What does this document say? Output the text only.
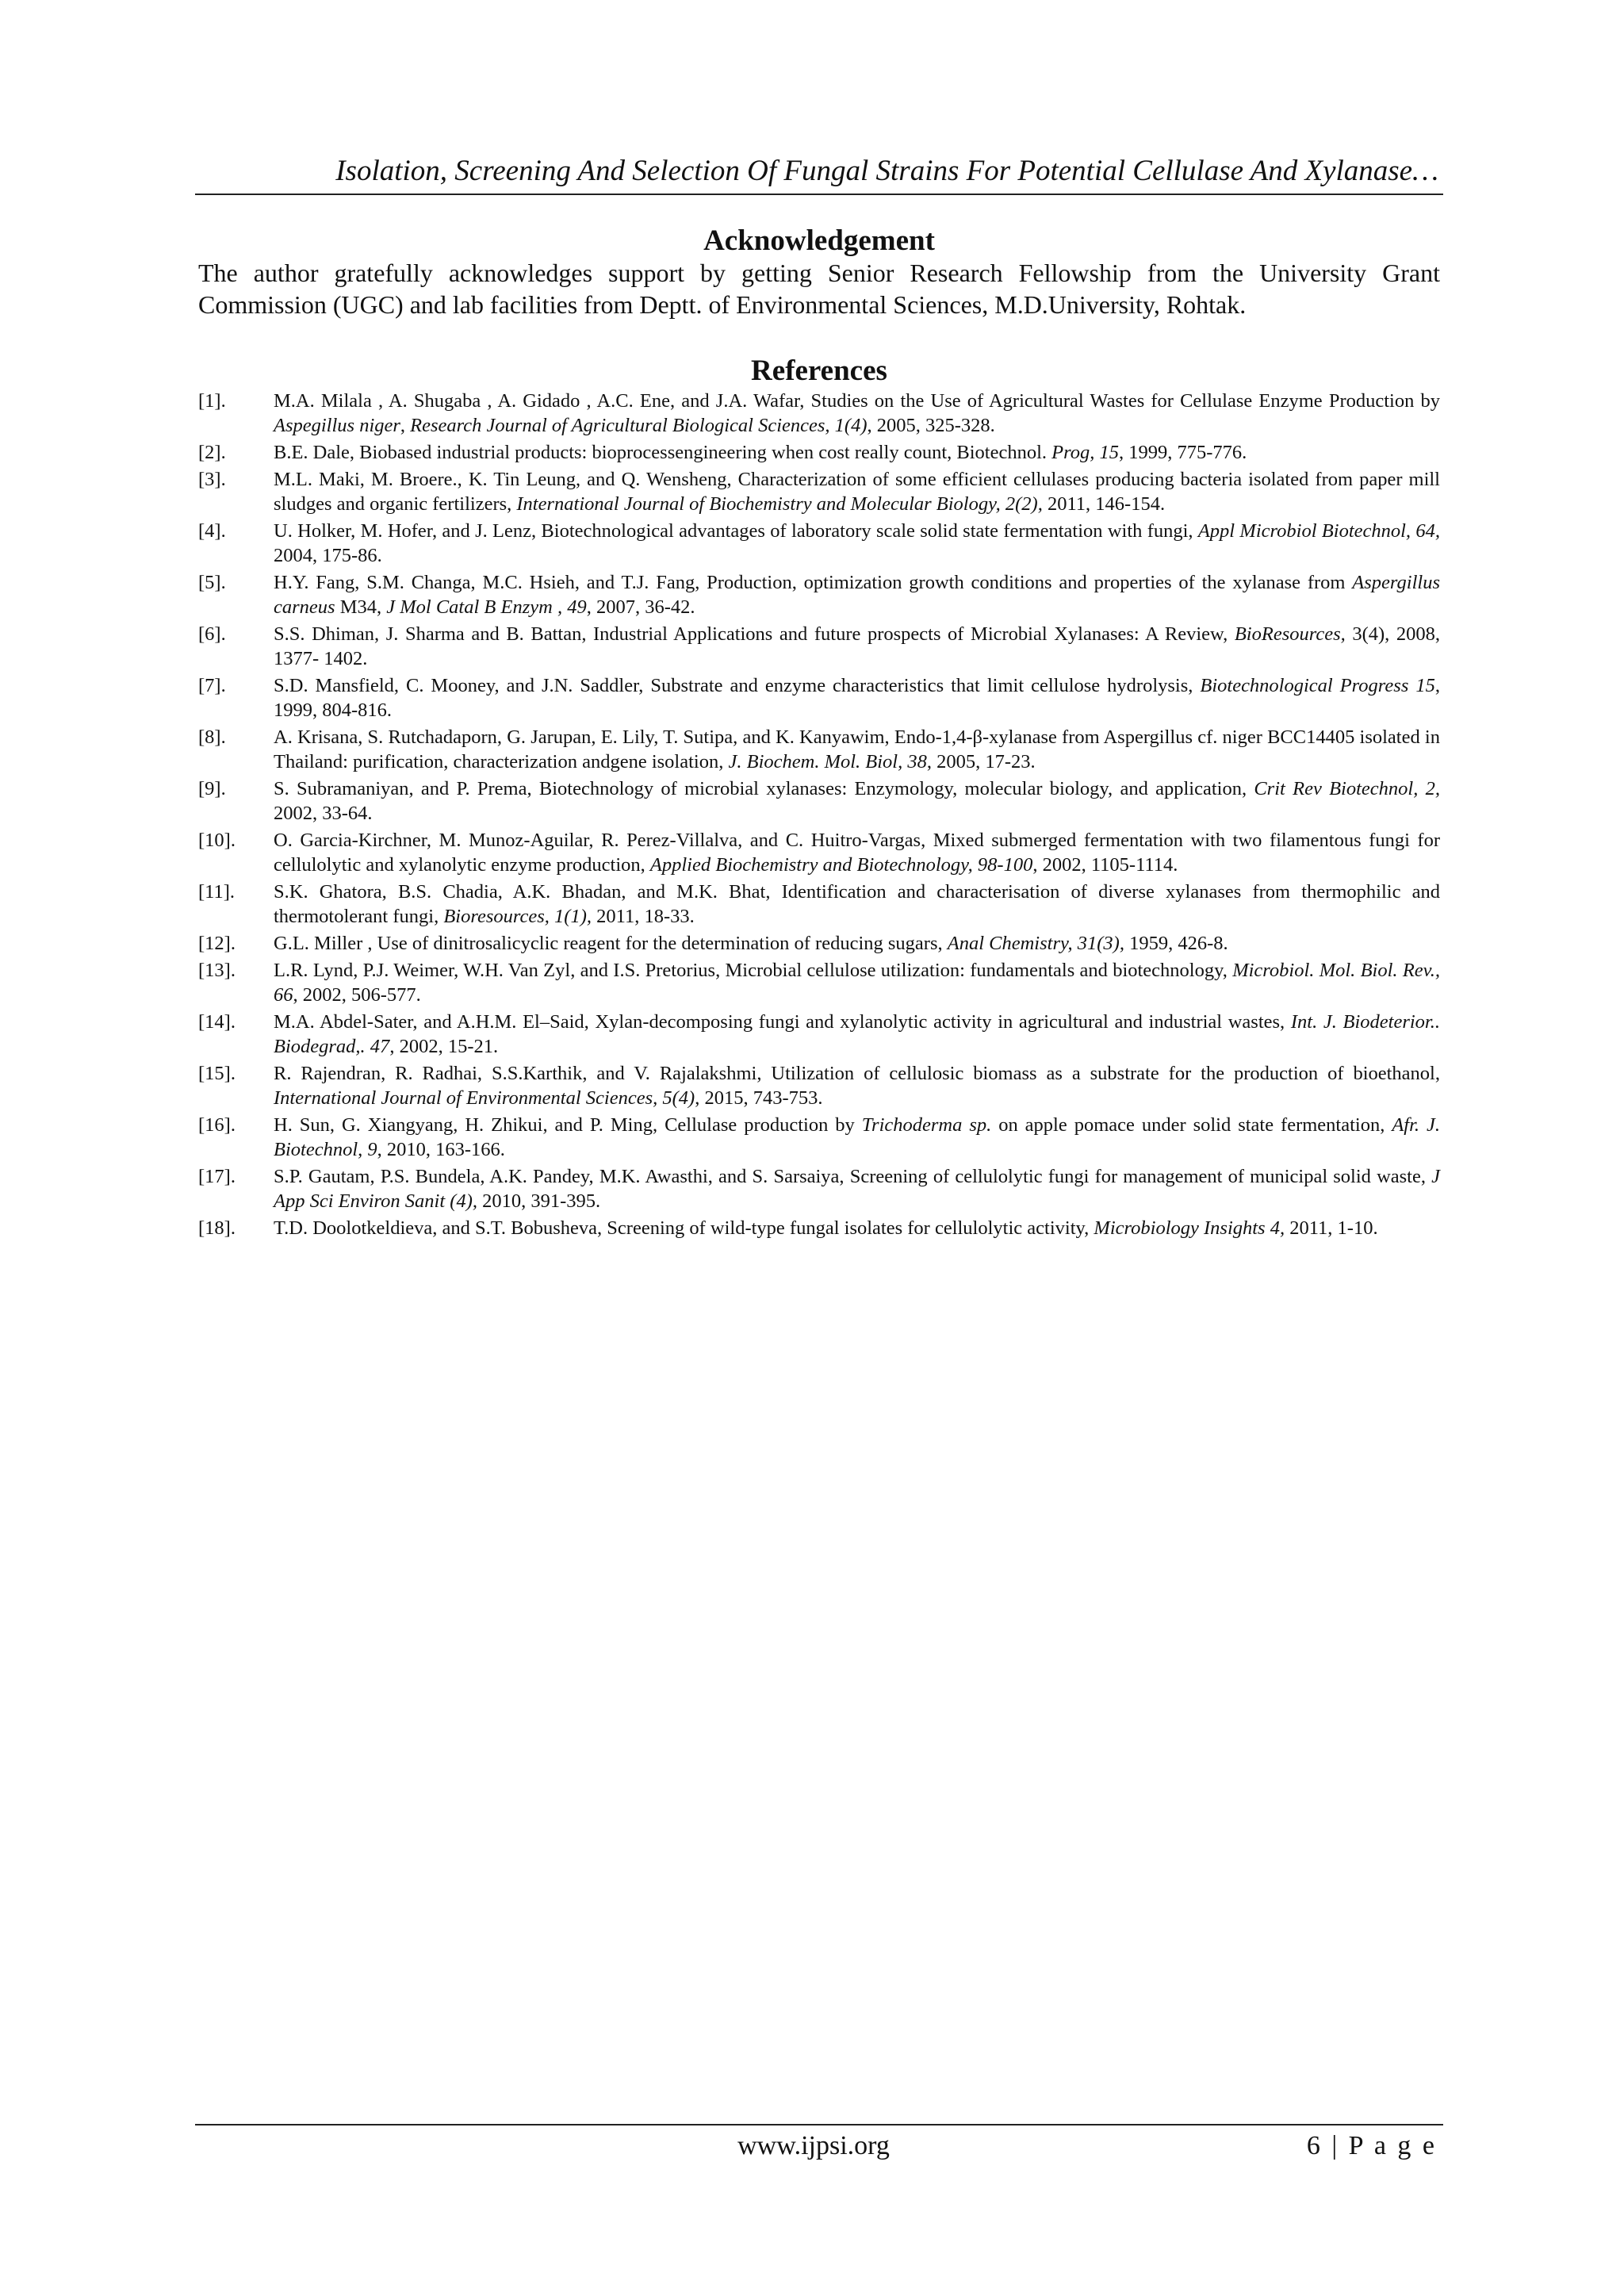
Isolation, Screening And Selection Of Fungal Strains For Potential Cellulase And Xylanase…
Acknowledgement
The author gratefully acknowledges support by getting Senior Research Fellowship from the University Grant Commission (UGC) and lab facilities from Deptt. of Environmental Sciences, M.D.University, Rohtak.
References
[1]. M.A. Milala , A. Shugaba , A. Gidado , A.C. Ene, and J.A. Wafar, Studies on the Use of Agricultural Wastes for Cellulase Enzyme Production by Aspegillus niger, Research Journal of Agricultural Biological Sciences, 1(4), 2005, 325-328.
[2]. B.E. Dale, Biobased industrial products: bioprocessengineering when cost really count, Biotechnol. Prog, 15, 1999, 775-776.
[3]. M.L. Maki, M. Broere., K. Tin Leung, and Q. Wensheng, Characterization of some efficient cellulases producing bacteria isolated from paper mill sludges and organic fertilizers, International Journal of Biochemistry and Molecular Biology, 2(2), 2011, 146-154.
[4]. U. Holker, M. Hofer, and J. Lenz, Biotechnological advantages of laboratory scale solid state fermentation with fungi, Appl Microbiol Biotechnol, 64, 2004, 175-86.
[5]. H.Y. Fang, S.M. Changa, M.C. Hsieh, and T.J. Fang, Production, optimization growth conditions and properties of the xylanase from Aspergillus carneus M34, J Mol Catal B Enzym , 49, 2007, 36-42.
[6]. S.S. Dhiman, J. Sharma and B. Battan, Industrial Applications and future prospects of Microbial Xylanases: A Review, BioResources, 3(4), 2008, 1377- 1402.
[7]. S.D. Mansfield, C. Mooney, and J.N. Saddler, Substrate and enzyme characteristics that limit cellulose hydrolysis, Biotechnological Progress 15, 1999, 804-816.
[8]. A. Krisana, S. Rutchadaporn, G. Jarupan, E. Lily, T. Sutipa, and K. Kanyawim, Endo-1,4-β-xylanase from Aspergillus cf. niger BCC14405 isolated in Thailand: purification, characterization andgene isolation, J. Biochem. Mol. Biol, 38, 2005, 17-23.
[9]. S. Subramaniyan, and P. Prema, Biotechnology of microbial xylanases: Enzymology, molecular biology, and application, Crit Rev Biotechnol, 2, 2002, 33-64.
[10]. O. Garcia-Kirchner, M. Munoz-Aguilar, R. Perez-Villalva, and C. Huitro-Vargas, Mixed submerged fermentation with two filamentous fungi for cellulolytic and xylanolytic enzyme production, Applied Biochemistry and Biotechnology, 98-100, 2002, 1105-1114.
[11]. S.K. Ghatora, B.S. Chadia, A.K. Bhadan, and M.K. Bhat, Identification and characterisation of diverse xylanases from thermophilic and thermotolerant fungi, Bioresources, 1(1), 2011, 18-33.
[12]. G.L. Miller , Use of dinitrosalicyclic reagent for the determination of reducing sugars, Anal Chemistry, 31(3), 1959, 426-8.
[13]. L.R. Lynd, P.J. Weimer, W.H. Van Zyl, and I.S. Pretorius, Microbial cellulose utilization: fundamentals and biotechnology, Microbiol. Mol. Biol. Rev., 66, 2002, 506-577.
[14]. M.A. Abdel-Sater, and A.H.M. El–Said, Xylan-decomposing fungi and xylanolytic activity in agricultural and industrial wastes, Int. J. Biodeterior.. Biodegrad,. 47, 2002, 15-21.
[15]. R. Rajendran, R. Radhai, S.S.Karthik, and V. Rajalakshmi, Utilization of cellulosic biomass as a substrate for the production of bioethanol, International Journal of Environmental Sciences, 5(4), 2015, 743-753.
[16]. H. Sun, G. Xiangyang, H. Zhikui, and P. Ming, Cellulase production by Trichoderma sp. on apple pomace under solid state fermentation, Afr. J. Biotechnol, 9, 2010, 163-166.
[17]. S.P. Gautam, P.S. Bundela, A.K. Pandey, M.K. Awasthi, and S. Sarsaiya, Screening of cellulolytic fungi for management of municipal solid waste, J App Sci Environ Sanit (4), 2010, 391-395.
[18]. T.D. Doolotkeldieva, and S.T. Bobusheva, Screening of wild-type fungal isolates for cellulolytic activity, Microbiology Insights 4, 2011, 1-10.
www.ijpsi.org	6 | P a g e
